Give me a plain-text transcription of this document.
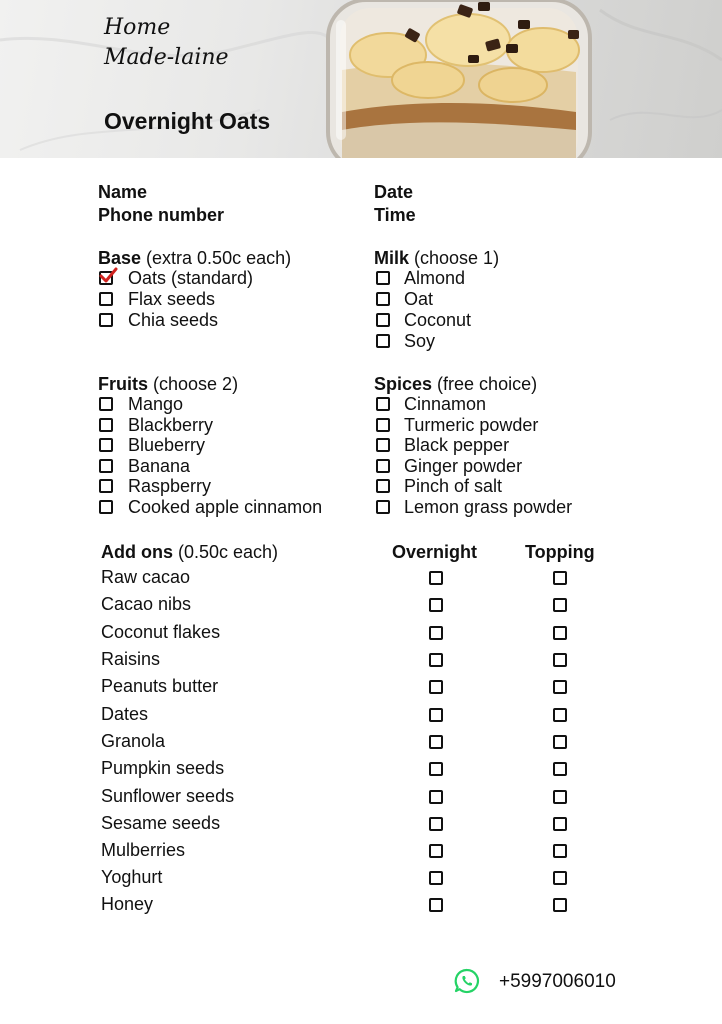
Home
Made-laine
Overnight Oats
Name
Phone number
Date
Time
Base (extra 0.50c each)
Oats (standard)
Flax seeds
Chia seeds
Milk (choose 1)
Almond
Oat
Coconut
Soy
Fruits (choose 2)
Mango
Blackberry
Blueberry
Banana
Raspberry
Cooked apple cinnamon
Spices (free choice)
Cinnamon
Turmeric powder
Black pepper
Ginger powder
Pinch of salt
Lemon grass powder
Add ons (0.50c each)	Overnight	Topping
Raw cacao
Cacao nibs
Coconut flakes
Raisins
Peanuts butter
Dates
Granola
Pumpkin seeds
Sunflower seeds
Sesame seeds
Mulberries
Yoghurt
Honey
+5997006010
